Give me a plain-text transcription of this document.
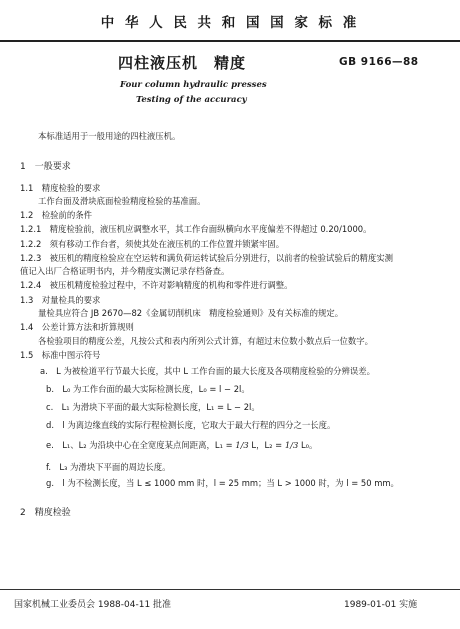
中 华 人 民 共 和 国 国 家 标 准
四柱液压机　精度	GB 9166—88
Four column hydraulic presses
Testing of the accuracy
本标准适用于一般用途的四柱液压机。
1　一般要求
1.1　精度检验的要求
工作台面及滑块底面检验精度检验的基准面。
1.2　检验前的条件
1.2.1　精度检验前，液压机应调整水平，其工作台面纵横向水平度偏差不得超过 0.20/1000。
1.2.2　须有移动工作台者，须使其处在液压机的工作位置并锁紧牢固。
1.2.3　被压机的精度检验应在空运转和满负荷运转试验后分别进行，以前者的检验试验后的精度实测
值记入出厂合格证明书内，并今精度实测记录存档备查。
1.2.4　被压机精度检验过程中，不许对影响精度的机构和零件进行调整。
1.3　对量检具的要求
量检具应符合 JB 2670—82《金属切削机床　精度检验通则》及有关标准的规定。
1.4　公差计算方法和折算规则
各检验项目的精度公差，凡按公式和表内所列公式计算，有超过末位数小数点后一位数字。
1.5　标准中图示符号
a.　L 为被检道平行节最大长度，其中 L 工作台面的最大长度及各项精度检验的分辨误差。
b.　L₀ 为工作台面的最大实际检测长度，L₀ = l − 2l。
c.　L₁ 为滑块下平面的最大实际检测长度，L₁ = L − 2l。
d.　l 为离边缘直线的实际行程检测长度，它取大于最大行程的四分之一长度。
e.　L₁、L₂ 为沿块中心在全宽度某点间距离，L₁ = 1/3 L，L₂ = 1/3 L₀。
f.　L₃ 为滑块下平面的周边长度。
g.　l 为不检测长度，当 L ≤ 1000 mm 时，l = 25 mm；当 L > 1000 时，为 l = 50 mm。
2　精度检验
国家机械工业委员会 1988-04-11 批准	1989-01-01 实施
